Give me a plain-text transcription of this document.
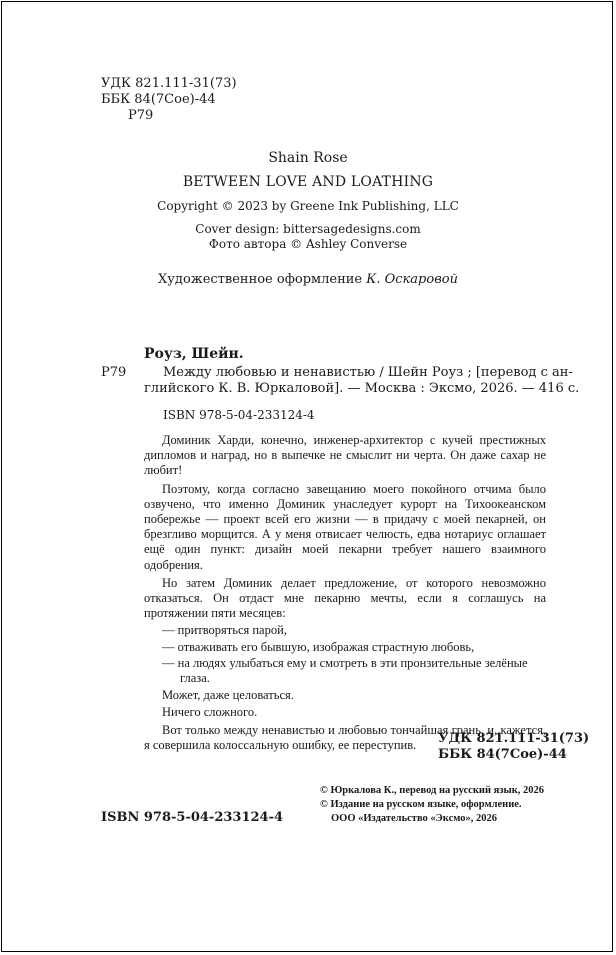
УДК 821.111-31(73)
ББК 84(7Сое)-44
Р79
Shain Rose
BETWEEN LOVE AND LOATHING
Copyright © 2023 by Greene Ink Publishing, LLC
Cover design: bittersagedesigns.com
Фото автора © Ashley Converse
Художественное оформление К. Оскаровой
Роуз, Шейн.
Р79	Между любовью и ненавистью / Шейн Роуз ; [перевод с ан-
глийского К. В. Юркаловой]. — Москва : Эксмо, 2026. — 416 с.
ISBN 978-5-04-233124-4

Доминик Харди, конечно, инженер-архитектор с кучей престижных дипломов и наград, но в выпечке не смыслит ни черта. Он даже сахар не любит!

Поэтому, когда согласно завещанию моего покойного отчима было озвучено, что именно Доминик унаследует курорт на Тихоокеанском побережье — проект всей его жизни — в придачу с моей пекарней, он брезгливо морщится. А у меня отвисает челюсть, едва нотариус оглашает ещё один пункт: дизайн моей пекарни требует нашего взаимного одобрения.

Но затем Доминик делает предложение, от которого невозможно отказаться. Он отдаст мне пекарню мечты, если я соглашусь на протяжении пяти месяцев:

— притворяться парой,

— отваживать его бывшую, изображая страстную любовь,

— на людях улыбаться ему и смотреть в эти пронзительные зелёные

глаза.

Может, даже целоваться.

Ничего сложного.

Вот только между ненавистью и любовью тончайшая грань, и, кажется, я совершила колоссальную ошибку, ее переступив.	УДК 821.111-31(73)
ББК 84(7Сое)-44
ISBN 978-5-04-233124-4
© Юркалова К., перевод на русский язык, 2026
© Издание на русском языке, оформление.
ООО «Издательство «Эксмо», 2026
